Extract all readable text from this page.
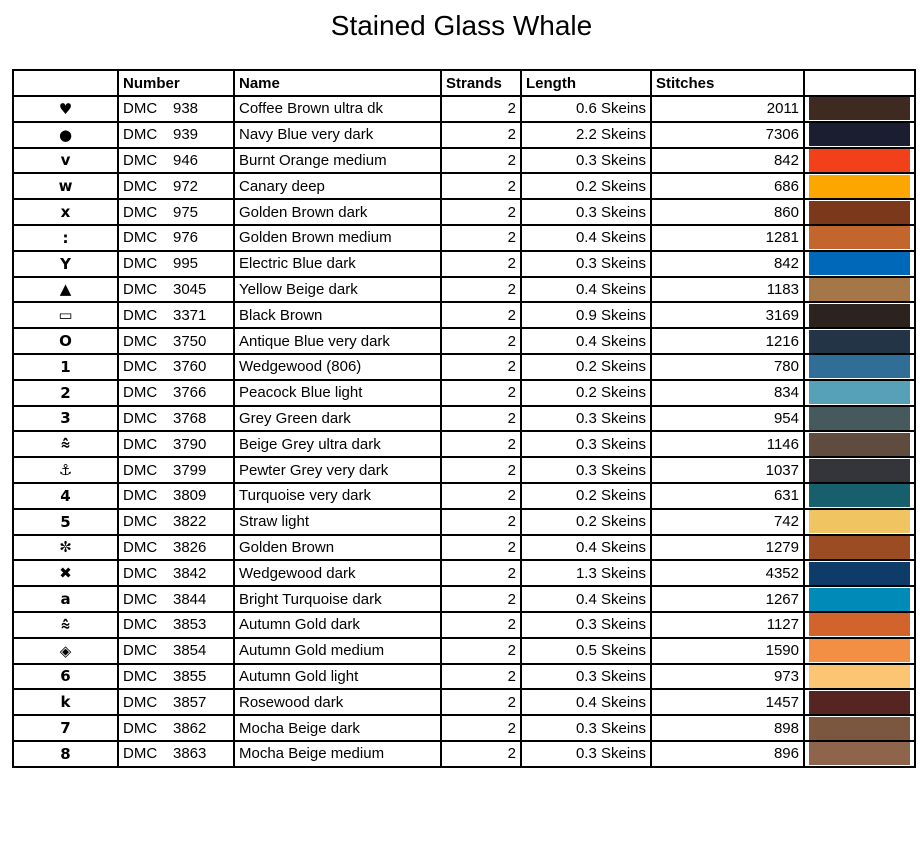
Stained Glass Whale
	Number	Name	Strands	Length	Stitches	
♥	DMC 938	Coffee Brown ultra dk	2	0.6 Skeins	2011	

●	DMC 939	Navy Blue very dark	2	2.2 Skeins	7306	

v	DMC 946	Burnt Orange medium	2	0.3 Skeins	842	

w	DMC 972	Canary deep	2	0.2 Skeins	686	

x	DMC 975	Golden Brown dark	2	0.3 Skeins	860	

:	DMC 976	Golden Brown medium	2	0.4 Skeins	1281	

Y	DMC 995	Electric Blue dark	2	0.3 Skeins	842	

▲	DMC 3045	Yellow Beige dark	2	0.4 Skeins	1183	

▭	DMC 3371	Black Brown	2	0.9 Skeins	3169	

O	DMC 3750	Antique Blue very dark	2	0.4 Skeins	1216	

1	DMC 3760	Wedgewood (806)	2	0.2 Skeins	780	

2	DMC 3766	Peacock Blue light	2	0.2 Skeins	834	

3	DMC 3768	Grey Green dark	2	0.3 Skeins	954	

⩯	DMC 3790	Beige Grey ultra dark	2	0.3 Skeins	1146	

⚓	DMC 3799	Pewter Grey very dark	2	0.3 Skeins	1037	

4	DMC 3809	Turquoise very dark	2	0.2 Skeins	631	

5	DMC 3822	Straw light	2	0.2 Skeins	742	

✼	DMC 3826	Golden Brown	2	0.4 Skeins	1279	

✖	DMC 3842	Wedgewood dark	2	1.3 Skeins	4352	

a	DMC 3844	Bright Turquoise dark	2	0.4 Skeins	1267	

⩯	DMC 3853	Autumn Gold dark	2	0.3 Skeins	1127	

◈	DMC 3854	Autumn Gold medium	2	0.5 Skeins	1590	

6	DMC 3855	Autumn Gold light	2	0.3 Skeins	973	

k	DMC 3857	Rosewood dark	2	0.4 Skeins	1457	

7	DMC 3862	Mocha Beige dark	2	0.3 Skeins	898	

8	DMC 3863	Mocha Beige medium	2	0.3 Skeins	896	
